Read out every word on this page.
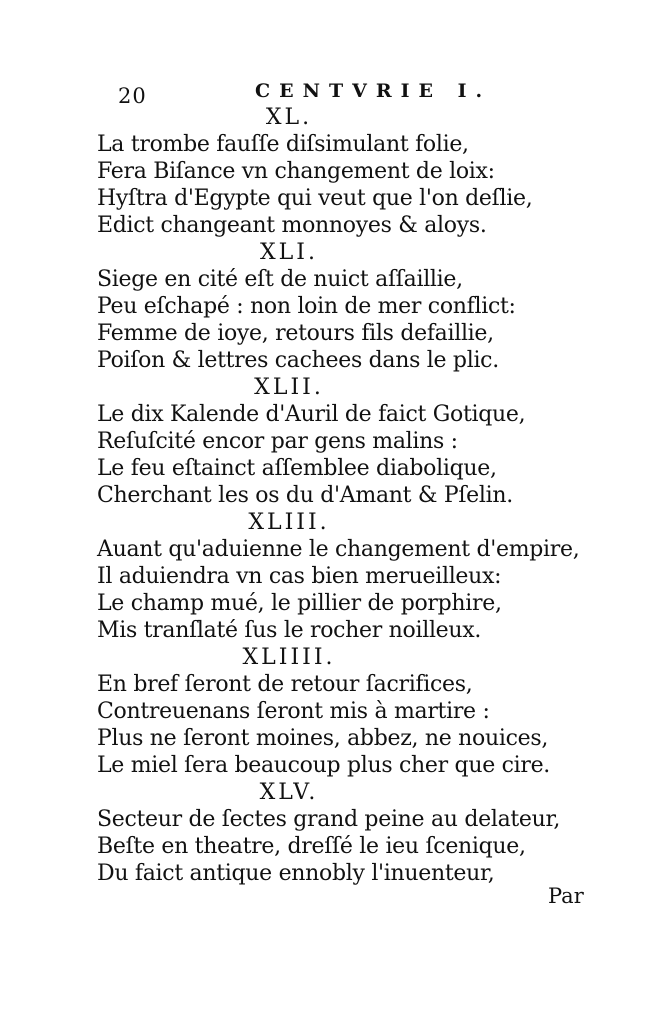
20	CENTVRIE I.
XL.
La trombe fauſſe diſsimulant folie,
Fera Biſance vn changement de loix:
Hyſtra d'Egypte qui veut que l'on deſlie,
Edict changeant monnoyes & aloys.
XLI.
Siege en cité eſt de nuict aſſaillie,
Peu eſchapé : non loin de mer conflict:
Femme de ioye, retours fils defaillie,
Poiſon & lettres cachees dans le plic.
XLII.
Le dix Kalende d'Auril de faict Gotique,
Reſuſcité encor par gens malins :
Le feu eſtainct aſſemblee diabolique,
Cherchant les os du d'Amant & Pſelin.
XLIII.
Auant qu'aduienne le changement d'empire,
Il aduiendra vn cas bien merueilleux:
Le champ mué, le pillier de porphire,
Mis tranſlaté ſus le rocher noilleux.
XLIIII.
En bref ſeront de retour ſacrifices,
Contreuenans ſeront mis à martire :
Plus ne ſeront moines, abbez, ne nouices,
Le miel ſera beaucoup plus cher que cire.
XLV.
Secteur de ſectes grand peine au delateur,
Beſte en theatre, dreſſé le ieu ſcenique,
Du faict antique ennobly l'inuenteur,
Par
